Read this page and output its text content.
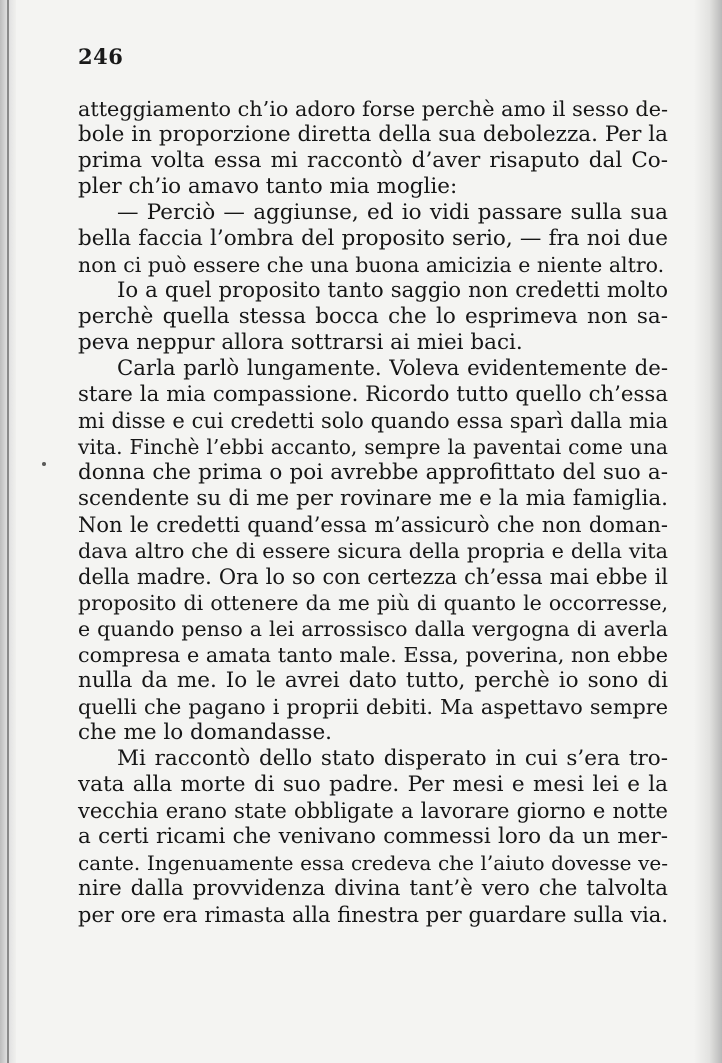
246
atteggiamento ch’io adoro forse perchè amo il sesso de-
bole in proporzione diretta della sua debolezza. Per la
prima volta essa mi raccontò d’aver risaputo dal Co-
pler ch’io amavo tanto mia moglie:
— Perciò — aggiunse, ed io vidi passare sulla sua
bella faccia l’ombra del proposito serio, — fra noi due
non ci può essere che una buona amicizia e niente altro.
Io a quel proposito tanto saggio non credetti molto
perchè quella stessa bocca che lo esprimeva non sa-
peva neppur allora sottrarsi ai miei baci.
Carla parlò lungamente. Voleva evidentemente de-
stare la mia compassione. Ricordo tutto quello ch’essa
mi disse e cui credetti solo quando essa sparì dalla mia
vita. Finchè l’ebbi accanto, sempre la paventai come una
donna che prima o poi avrebbe approfittato del suo a-
scendente su di me per rovinare me e la mia famiglia.
Non le credetti quand’essa m’assicurò che non doman-
dava altro che di essere sicura della propria e della vita
della madre. Ora lo so con certezza ch’essa mai ebbe il
proposito di ottenere da me più di quanto le occorresse,
e quando penso a lei arrossisco dalla vergogna di averla
compresa e amata tanto male. Essa, poverina, non ebbe
nulla da me. Io le avrei dato tutto, perchè io sono di
quelli che pagano i proprii debiti. Ma aspettavo sempre
che me lo domandasse.
Mi raccontò dello stato disperato in cui s’era tro-
vata alla morte di suo padre. Per mesi e mesi lei e la
vecchia erano state obbligate a lavorare giorno e notte
a certi ricami che venivano commessi loro da un mer-
cante. Ingenuamente essa credeva che l’aiuto dovesse ve-
nire dalla provvidenza divina tant’è vero che talvolta
per ore era rimasta alla finestra per guardare sulla via.
